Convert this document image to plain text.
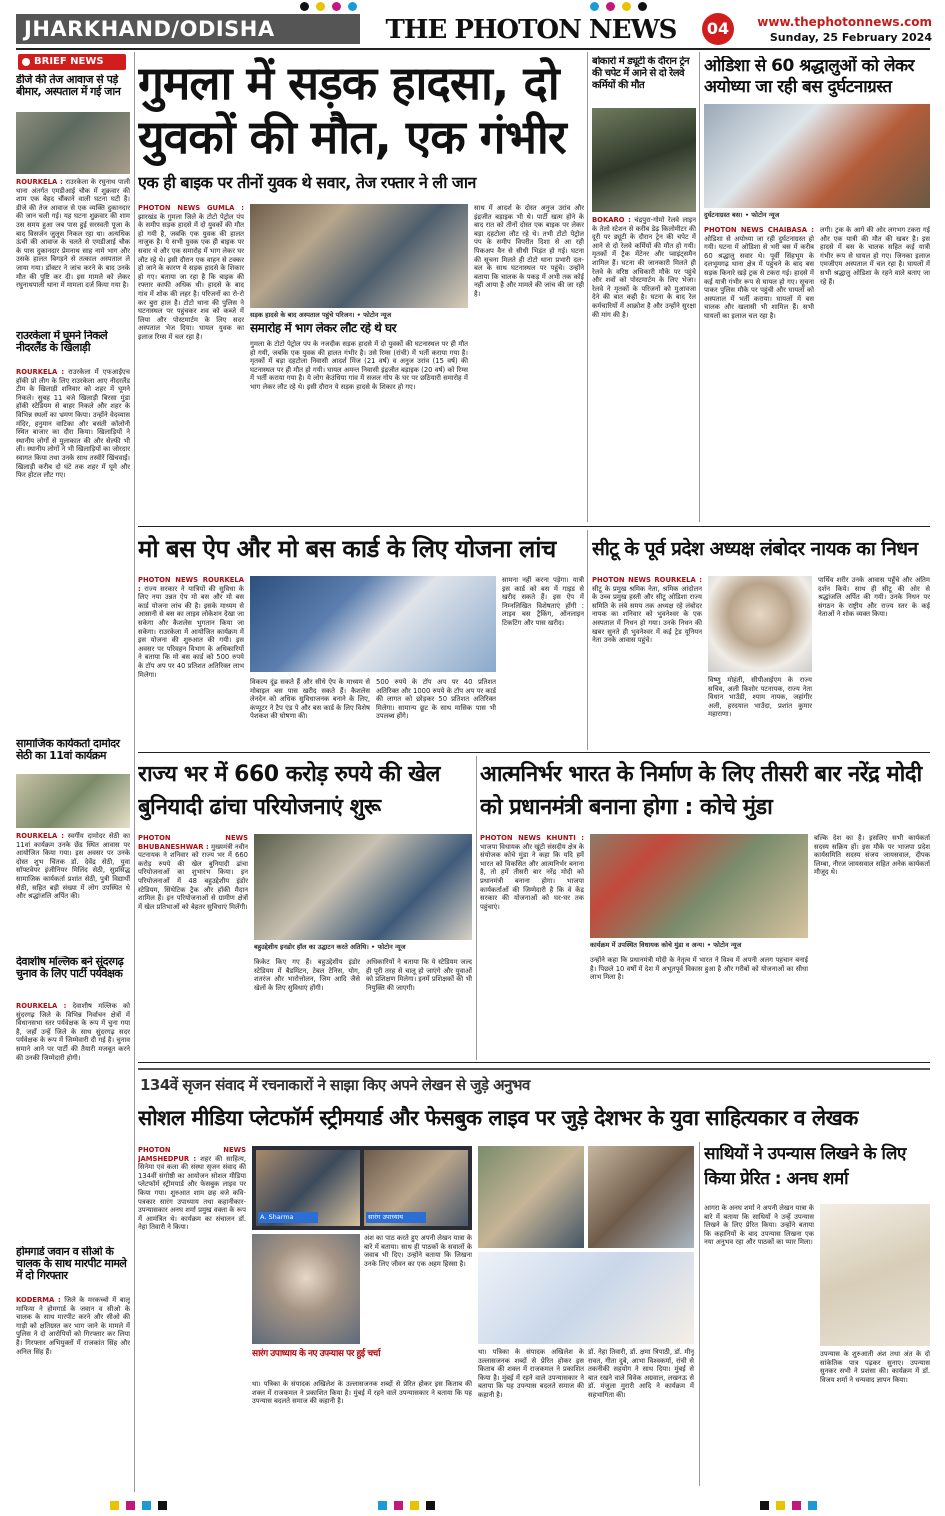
JHARKHAND/ODISHA	THE PHOTON NEWS	04	www.thephotonnews.com
Sunday, 25 February 2024
BRIEF NEWS
डीजे की तेज आवाज से पड़े बीमार, अस्पताल में गई जान
ROURKELA : राउरकेला के रघुनाथ पाली थाना अंतर्गत एमडीआई चौक में शुक्रवार की शाम एक बेहद चौंकाने वाली घटना घटी है। डीजे की तेज आवाज से एक व्यक्ति दुकानदार की जान चली गई। यह घटना शुक्रवार की शाम उस समय हुआ जब पास हुई सरस्वती पूजा के बाद विसर्जन जुलूस निकल रहा था। अत्यधिक ऊंची की आवाज के चलते से एमडीआई चौक के पास दुकानदार प्रेमनाथ साह नामे भाग और उसके हालत बिगड़ने से तत्काल अस्पताल ले जाया गया। डॉक्टर ने जांच करने के बाद उनके मौत की पुष्टि कर दी। इस मामले को लेकर रघुनाथपाली थाना में मामला दर्ज किया गया है।
राउरकेला में घूमने निकले नीदरलैंड के खिलाड़ी
ROURKELA : राउरकेला में एफआईएच हॉकी प्रो लीग के लिए राउरकेला आए नीदरलैंड टीम के खिलाड़ी शनिवार को शहर में घूमने निकले। सुबह 11 बजे खिलाड़ी बिरसा मुंडा हॉकी स्टेडियम से बाहर निकले और शहर के विभिन्न स्थलों का भ्रमण किया। उन्होंने वेदव्यास मंदिर, हनुमान वाटिका और बसंती कॉलोनी स्थित बाजार का दौरा किया। खिलाड़ियों ने स्थानीय लोगों से मुलाकात की और सेल्फी भी ली। स्थानीय लोगों ने भी खिलाड़ियों का जोरदार स्वागत किया तथा उनके साथ तस्वीरें खिंचवाईं। खिलाड़ी करीब दो घंटे तक शहर में घूमे और फिर होटल लौट गए।
सामाजिक कार्यकर्ता दामोदर सेठी का 11वां कार्यक्रम
ROURKELA : स्वर्गीय दामोदर सेठी का 11वां कार्यक्रम उनके छेंड स्थित आवास पर आयोजित किया गया। इस अवसर पर उनके दोस्त शुभ चिंतक डॉ. देवेंद्र सेठी, युवा सॉफ्टवेयर इंजीनियर मिलिंद सेठी, सुप्रसिद्ध सामाजिक कार्यकर्ता प्रशांत सेठी, पुत्री विद्यार्थी सेठी, सहित बड़ी संख्या में लोग उपस्थित थे और श्रद्धांजलि अर्पित की।
देवाशीष मल्लिक बने सुंदरगढ़ चुनाव के लिए पार्टी पर्यवेक्षक
ROURKELA : देवाशीष मल्लिक को सुंदरगढ़ जिले के विभिन्न निर्वाचन क्षेत्रों में विधानसभा स्तर पर्यवेक्षक के रूप में चुना गया है, जहाँ उन्हें जिले के साथ सुंदरगढ़ सदर पर्यवेक्षक के रूप में जिम्मेवारी दी गई है। चुनाव समाने आने पर पार्टी की तैयारी मजबूत करने की उनकी जिम्मेदारी होगी।
होमगार्ड जवान व सीओ के चालक के साथ मारपीट मामले में दो गिरफ्तार
KODERMA : जिले के मरकच्चो में बालू माफिया ने होमगार्ड के जवान व सीओ के चालक के साथ मारपीट करने और सीओ की गाड़ी को क्षतिग्रस्त कर भाग जाने के मामले में पुलिस ने दो आरोपियों को गिरफ्तार कर लिया है। गिरफ्तार अभियुक्तों में राजकांत सिंह और अनिल सिंह हैं।
गुमला में सड़क हादसा, दो युवकों की मौत, एक गंभीर
एक ही बाइक पर तीनों युवक थे सवार, तेज रफ्तार ने ली जान
PHOTON NEWS GUMLA : झारखंड के गुमला जिले के टोटो पेट्रोल पंप के समीप सड़क हादसे में दो युवकों की मौत हो गयी है, जबकि एक युवक की हालत नाजुक है। ये सभी युवक एक ही बाइक पर सवार थे और एक समारोह में भाग लेकर घर लौट रहे थे। इसी दौरान एक वाहन से टक्कर हो जाने के कारण ये सड़क हादसे के शिकार हो गए। बताया जा रहा है कि बाइक की रफ्तार काफी अधिक थी। हादसे के बाद गांव में शोक की लहर है। परिजनों का रो-रो कर बुरा हाल है। टोटो थाना की पुलिस ने घटनास्थल पर पहुंचकर शव को कब्जे में लिया और पोस्टमार्टम के लिए सदर अस्पताल भेज दिया। घायल युवक का इलाज रिम्स में चल रहा है।
सड़क हादसे के बाद अस्पताल पहुंचे परिजन। • फोटोन न्यूज
समारोह में भाग लेकर लौट रहे थे घर
गुमला के टोटो पेट्रोल पंप के नजदीक सड़क हादसे में दो युवकों की घटनास्थल पर ही मौत हो गयी, जबकि एक युवक की हालत गंभीर है। उसे रिम्स (रांची) में भर्ती कराया गया है। मृतकों में बड़ा दहटोला निवासी आदर्श मिंज (21 वर्ष) व अनुज उरांव (15 वर्ष) की घटनास्थल पर ही मौत हो गयी। घायल अमन्त निवासी इंद्रजीत बड़ाइक (20 वर्ष) को रिम्स में भर्ती कराया गया है। ये लोग केउंधिया गांव में सजल गोप के घर पर छठियारी समारोह में भाग लेकर लौट रहे थे। इसी दौरान ये सड़क हादसे के शिकार हो गए।
साथ में आदर्श के दोस्त अनुज उरांव और इंद्रजीत बड़ाइक भी थे। पार्टी खत्म होने के बाद रात को तीनों दोस्त एक बाइक पर लेकर बड़ा दहटोला लौट रहे थे। तभी टोटो पेट्रोल पंप के समीप विपरीत दिशा से आ रही पिकअप वैन से सीधी भिड़ंत हो गई। घटना की सूचना मिलते ही टोटो थाना प्रभारी दल-बल के साथ घटनास्थल पर पहुंचे। उन्होंने बताया कि चालक के पकड़ में अभी तक कोई नहीं आया है और मामले की जांच की जा रही है।
बोकारो में ड्यूटी के दौरान ट्रेन की चपेट में आने से दो रेलवे कर्मियों की मौत
BOKARO : चंद्रपुरा-गोमो रेलवे लाइन के तेलो स्टेशन से करीब डेढ़ किलोमीटर की दूरी पर ड्यूटी के दौरान ट्रेन की चपेट में आने से दो रेलवे कर्मियों की मौत हो गयी। मृतकों में ट्रैक मेंटेनर और प्वाइंट्समैन शामिल हैं। घटना की जानकारी मिलते ही रेलवे के वरिष्ठ अधिकारी मौके पर पहुंचे और शवों को पोस्टमार्टम के लिए भेजा। रेलवे ने मृतकों के परिजनों को मुआवजा देने की बात कही है। घटना के बाद रेल कर्मचारियों में आक्रोश है और उन्होंने सुरक्षा की मांग की है।
ओडिशा से 60 श्रद्धालुओं को लेकर अयोध्या जा रही बस दुर्घटनाग्रस्त
दुर्घटनाग्रस्त बस। • फोटोन न्यूज
PHOTON NEWS CHAIBASA : ओडिशा से अयोध्या जा रही दुर्घटनाग्रस्त हो गयी। घटना में ओडिशा से भरी बस में करीब 60 श्रद्धालु सवार थे। पूर्वी सिंहभूम के दलभूमगढ़ थाना क्षेत्र में पहुंचने के बाद बस सड़क किनारे खड़े ट्रक से टकरा गई। हादसे में कई यात्री गंभीर रूप से घायल हो गए। सूचना पाकर पुलिस मौके पर पहुंची और घायलों को अस्पताल में भर्ती कराया। घायलों में बस चालक और खलासी भी शामिल हैं। सभी घायलों का इलाज चल रहा है।
लगी। ट्रक के आगे की ओर लगभग टकरा गई और एक यात्री की मौत की खबर है। इस हादसे में बस के चालक सहित कई यात्री गंभीर रूप से घायल हो गए। जिनका इलाज एमजीएम अस्पताल में चल रहा है। घायलों में सभी श्रद्धालु ओडिशा के रहने वाले बताए जा रहे हैं।
मो बस ऐप और मो बस कार्ड के लिए योजना लांच
PHOTON NEWS ROURKELA : राज्य सरकार ने यात्रियों की सुविधा के लिए नया उन्नत ऐप मो बस और मो बस कार्ड योजना लांच की है। इसके माध्यम से आसानी से बस का लाइव लोकेशन देखा जा सकेगा और कैशलेस भुगतान किया जा सकेगा। राउरकेला में आयोजित कार्यक्रम में इस योजना की शुरुआत की गयी। इस अवसर पर परिवहन विभाग के अधिकारियों ने बताया कि मो बस कार्ड को 500 रुपये के टॉप अप पर 40 प्रतिशत अतिरिक्त लाभ मिलेगा।
विकल्प दूंढ सकते हैं और सीधे ऐप के माध्यम से मोबाइल बस पास खरीद सकते हैं। कैशलेस लेनदेन को अधिक सुविधाजनक बनाने के लिए, कंप्यूटर ने टैप एंड पे और बस कार्ड के लिए विशेष पेशकश की घोषणा की।
500 रुपये के टॉप अप पर 40 प्रतिशत अतिरिक्त और 1000 रुपये के टॉप अप पर कार्ड की लागत को छोड़कर 50 प्रतिशत अतिरिक्त मिलेगा। सामान्य छूट के साथ मासिक पास भी उपलब्ध होंगे।
सामना नहीं करना पड़ेगा। यात्री इस कार्ड को बस में गाइड से खरीद सकते हैं। इस ऐप में निम्नलिखित विशेषताएं होंगी : लाइव बस ट्रैकिंग, ऑनलाइन टिकटिंग और पास खरीद।
सीटू के पूर्व प्रदेश अध्यक्ष लंबोदर नायक का निधन
PHOTON NEWS ROURKELA : सीटू के प्रमुख श्रमिक नेता, श्रमिक आंदोलन के उच्च प्रमुख हस्ती और सीटू ओडिशा राज्य समिति के लंबे समय तक अध्यक्ष रहे लंबोदर नायक का शनिवार को भुवनेश्वर के एक अस्पताल में निधन हो गया। उनके निधन की खबर सुनते ही भुवनेश्वर में कई ट्रेड यूनियन नेता उनके आवास पहुंचे।
विष्णु मोहंती, सीपीआईएम के राज्य सचिव, अली किशोर पटनायक, राज्य नेता विधान भाउँडी, श्याम नायक, जहांगीर अली, हरदयाल भाउँदा, प्रशांत कुमार महाराणा।
पार्थिव शरीर उनके आवास पहुँचे और अंतिम दर्शन किये। साथ ही सीटू की ओर से श्रद्धांजलि अर्पित की गयी। उनके निधन पर संगठन के राष्ट्रीय और राज्य स्तर के कई नेताओं ने शोक व्यक्त किया।
राज्य भर में 660 करोड़ रुपये की खेल बुनियादी ढांचा परियोजनाएं शुरू
PHOTON NEWS BHUBANESHWAR : मुख्यमंत्री नवीन पटनायक ने शनिवार को राज्य भर में 660 करोड़ रुपये की खेल बुनियादी ढांचा परियोजनाओं का शुभारंभ किया। इन परियोजनाओं में 48 बहुउद्देशीय इंडोर स्टेडियम, सिंथेटिक ट्रैक और हॉकी मैदान शामिल हैं। इन परियोजनाओं से ग्रामीण क्षेत्रों में खेल प्रतिभाओं को बेहतर सुविधाएं मिलेंगी।
बहुउद्देशीय इनडोर हॉल का उद्घाटन करते अतिथि। • फोटोन न्यूज
किकेट किए गए हैं। बहुउद्देशीय इंडोर स्टेडियम में बैडमिंटन, टेबल टेनिस, योग, शतरंज और भारोत्तोलन, जिम आदि जैसे खेलों के लिए सुविधाएं होंगी।
अधिकारियों ने बताया कि ये स्टेडियम जल्द ही पूरी तरह से चालू हो जाएंगे और युवाओं को प्रशिक्षण मिलेगा। इनमें प्रशिक्षकों की भी नियुक्ति की जाएगी।
आत्मनिर्भर भारत के निर्माण के लिए तीसरी बार नरेंद्र मोदी को प्रधानमंत्री बनाना होगा : कोचे मुंडा
PHOTON NEWS KHUNTI : भाजपा विधायक और खूंटी संसदीय क्षेत्र के संयोजक कोचे मुंडा ने कहा कि यदि हमें भारत को विकसित और आत्मनिर्भर बनाना है, तो हमें तीसरी बार नरेंद्र मोदी को प्रधानमंत्री बनाना होगा। भाजपा कार्यकर्ताओं की जिम्मेदारी है कि वे केंद्र सरकार की योजनाओं को घर-घर तक पहुंचाएं।
कार्यक्रम में उपस्थित विधायक कोचे मुंडा व अन्य। • फोटोन न्यूज
उन्होंने कहा कि प्रधानमंत्री मोदी के नेतृत्व में भारत ने विश्व में अपनी अलग पहचान बनाई है। पिछले 10 वर्षों में देश में अभूतपूर्व विकास हुआ है और गरीबों को योजनाओं का सीधा लाभ मिला है।
बल्कि देश का है। इसलिए सभी कार्यकर्ता सदस्य सक्रिय हों। इस मौके पर भाजपा प्रदेश कार्यसमिति सदस्य संजय जायसवाल, दीपक लिम्बा, नीरज जायसवाल सहित अनेक कार्यकर्ता मौजूद थे।
134वें सृजन संवाद में रचनाकारों ने साझा किए अपने लेखन से जुड़े अनुभव
सोशल मीडिया प्लेटफॉर्म स्ट्रीमयार्ड और फेसबुक लाइव पर जुड़े देशभर के युवा साहित्यकार व लेखक
PHOTON NEWS JAMSHEDPUR : शहर की साहित्य, सिनेमा एवं कला की संस्था सृजन संवाद की 134वीं संगोष्ठी का आयोजन सोशल मीडिया प्लेटफॉर्म स्ट्रीमयार्ड और फेसबुक लाइव पर किया गया। शुरुआत शाम छह बजे कवि-पत्रकार सारंग उपाध्याय तथा कहानीकार-उपन्यासकार अनघ शर्मा प्रमुख वक्ता के रूप में आमंत्रित थे। कार्यक्रम का संचालन डॉ. नेहा तिवारी ने किया।
A. Sharma	सारंग उपाध्याय
अंश का पाठ करते हुए अपनी लेखन यात्रा के बारे में बताया। साथ ही पाठकों के सवालों के जवाब भी दिए। उन्होंने बताया कि लिखना उनके लिए जीवन का एक अहम हिस्सा है।
सारंग उपाध्याय के नए उपन्यास पर हुई चर्चा
था। पत्रिका के संपादक अखिलेश के उल्लासजनक शब्दों से प्रेरित होकर इस किताब की शक्ल में राजकमल ने प्रकाशित किया है। मुंबई में रहने वाले उपन्यासकार ने बताया कि यह उपन्यास बदलते समाज की कहानी है।
था। पत्रिका के संपादक अखिलेश के उल्लासजनक शब्दों से प्रेरित होकर इस किताब की शक्ल में राजकमल ने प्रकाशित किया है। मुंबई में रहने वाले उपन्यासकार ने बताया कि यह उपन्यास बदलते समाज की कहानी है।
डॉ. नेहा तिवारी, डॉ. क्षमा त्रिपाठी, डॉ. मीनू रावत, गीता दुबे, आभा विश्वकर्मा, रांची से तकनीकी सहयोग ने साथ दिया। मुंबई से बात रखने वाले विवेक अग्रवाल, लखनऊ से डॉ. मंजुला मुरारी आदि ने कार्यक्रम में सहभागिता की।
साथियों ने उपन्यास लिखने के लिए किया प्रेरित : अनघ शर्मा
आगरा के अनघ शर्मा ने अपनी लेखन यात्रा के बारे में बताया कि साथियों ने उन्हें उपन्यास लिखने के लिए प्रेरित किया। उन्होंने बताया कि कहानियों के बाद उपन्यास लिखना एक नया अनुभव रहा और पाठकों का प्यार मिला।
उपन्यास के शुरुआती अंश तथा अंत के दो सांकेतिक पात्र पढ़कर सुनाए। उपन्यास सुनकर सभी ने प्रशंसा की। कार्यक्रम में डॉ. विजय शर्मा ने धन्यवाद ज्ञापन किया।
